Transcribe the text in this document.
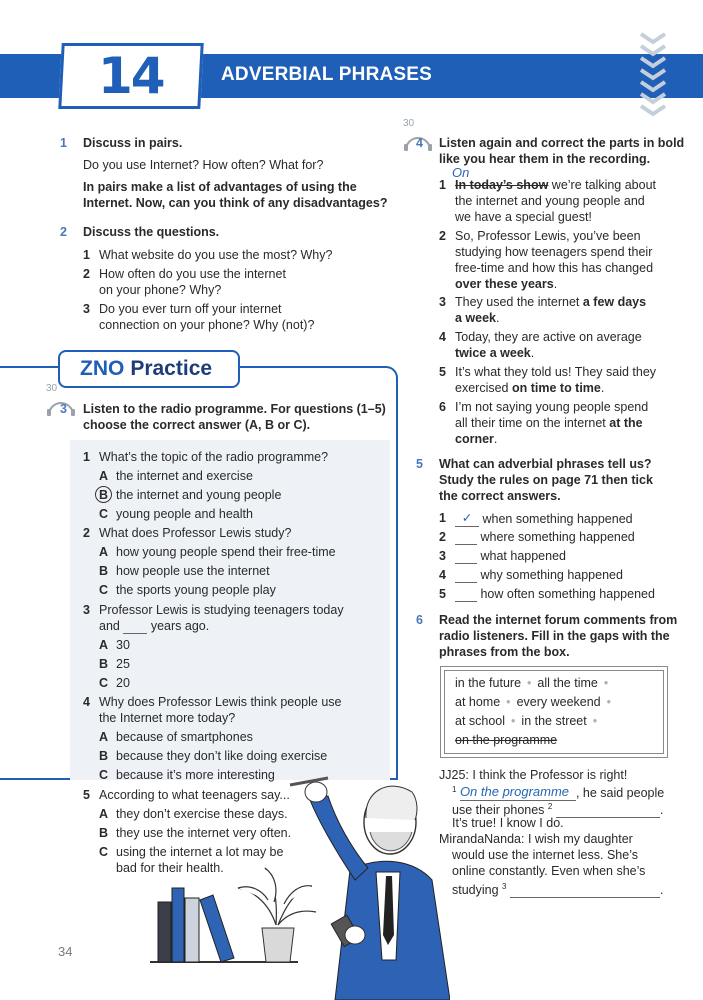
14	ADVERBIAL PHRASES
1 Discuss in pairs.
Do you use Internet? How often? What for?
In pairs make a list of advantages of using the
Internet. Now, can you think of any disadvantages?
2 Discuss the questions.
1 What website do you use the most? Why?
2 How often do you use the internet
on your phone? Why?
3 Do you ever turn off your internet
connection on your phone? Why (not)?
ZNO Practice
30
3 Listen to the radio programme. For questions (1–5)
choose the correct answer (A, B or C).
1 What’s the topic of the radio programme?
A the internet and exercise
B the internet and young people
C young people and health
2 What does Professor Lewis study?
A how young people spend their free-time
B how people use the internet
C the sports young people play
3 Professor Lewis is studying teenagers today
and years ago.
A 30
B 25
C 20
4 Why does Professor Lewis think people use
the Internet more today?
A because of smartphones
B because they don’t like doing exercise
C because it’s more interesting
5 According to what teenagers say...
A they don’t exercise these days.
B they use the internet very often.
C using the internet a lot may be
bad for their health.
30
4 Listen again and correct the parts in bold
like you hear them in the recording.
On
1 In today’s show we’re talking about
the internet and young people and
we have a special guest!
2 So, Professor Lewis, you’ve been
studying how teenagers spend their
free-time and how this has changed
over these years.
3 They used the internet a few days
a week.
4 Today, they are active on average
twice a week.
5 It’s what they told us! They said they
exercised on time to time.
6 I’m not saying young people spend
all their time on the internet at the
corner.
5 What can adverbial phrases tell us?
Study the rules on page 71 then tick
the correct answers.
1	✓ when something happened
2	where something happened
3	what happened
4	why something happened
5	how often something happened
6 Read the internet forum comments from
radio listeners. Fill in the gaps with the
phrases from the box.
in the future • all the time •
at home • every weekend •
at school • in the street •
on the programme
JJ25: I think the Professor is right!
$^1$ On the programme , he said people
use their phones $^2$	.
It’s true! I know I do.
MirandaNanda: I wish my daughter
would use the internet less. She’s
online constantly. Even when she’s
studying $^3$	.
34
